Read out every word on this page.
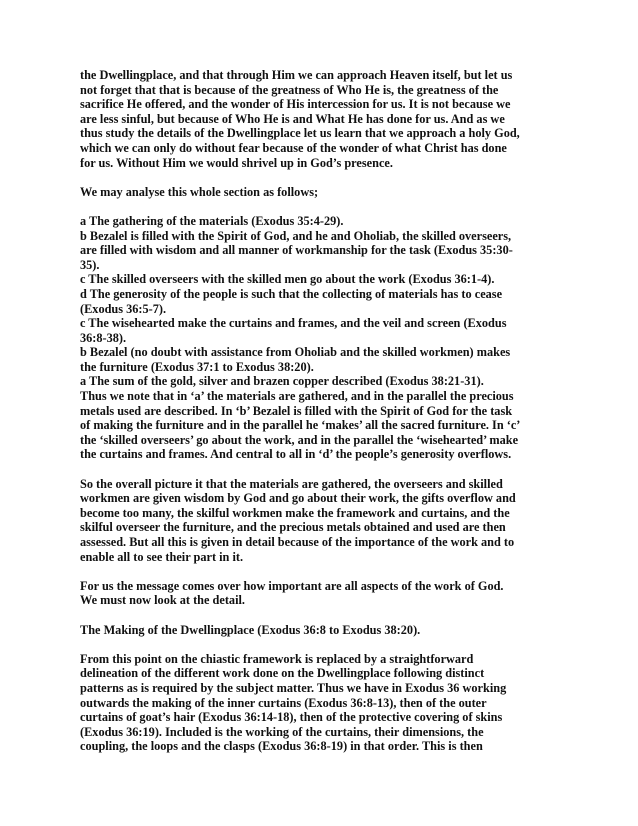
the Dwellingplace, and that through Him we can approach Heaven itself, but let us
not forget that that is because of the greatness of Who He is, the greatness of the
sacrifice He offered, and the wonder of His intercession for us. It is not because we
are less sinful, but because of Who He is and What He has done for us. And as we
thus study the details of the Dwellingplace let us learn that we approach a holy God,
which we can only do without fear because of the wonder of what Christ has done
for us. Without Him we would shrivel up in God’s presence.

We may analyse this whole section as follows;

a The gathering of the materials (Exodus 35:4-29).
b Bezalel is filled with the Spirit of God, and he and Oholiab, the skilled overseers,
are filled with wisdom and all manner of workmanship for the task (Exodus 35:30-
35).
c The skilled overseers with the skilled men go about the work (Exodus 36:1-4).
d The generosity of the people is such that the collecting of materials has to cease
(Exodus 36:5-7).
c The wisehearted make the curtains and frames, and the veil and screen (Exodus
36:8-38).
b Bezalel (no doubt with assistance from Oholiab and the skilled workmen) makes
the furniture (Exodus 37:1 to Exodus 38:20).
a The sum of the gold, silver and brazen copper described (Exodus 38:21-31).
Thus we note that in ‘a’ the materials are gathered, and in the parallel the precious
metals used are described. In ‘b’ Bezalel is filled with the Spirit of God for the task
of making the furniture and in the parallel he ‘makes’ all the sacred furniture. In ‘c’
the ‘skilled overseers’ go about the work, and in the parallel the ‘wisehearted’ make
the curtains and frames. And central to all in ‘d’ the people’s generosity overflows.

So the overall picture it that the materials are gathered, the overseers and skilled
workmen are given wisdom by God and go about their work, the gifts overflow and
become too many, the skilful workmen make the framework and curtains, and the
skilful overseer the furniture, and the precious metals obtained and used are then
assessed. But all this is given in detail because of the importance of the work and to
enable all to see their part in it.

For us the message comes over how important are all aspects of the work of God.
We must now look at the detail.

The Making of the Dwellingplace (Exodus 36:8 to Exodus 38:20).

From this point on the chiastic framework is replaced by a straightforward
delineation of the different work done on the Dwellingplace following distinct
patterns as is required by the subject matter. Thus we have in Exodus 36 working
outwards the making of the inner curtains (Exodus 36:8-13), then of the outer
curtains of goat’s hair (Exodus 36:14-18), then of the protective covering of skins
(Exodus 36:19). Included is the working of the curtains, their dimensions, the
coupling, the loops and the clasps (Exodus 36:8-19) in that order. This is then
